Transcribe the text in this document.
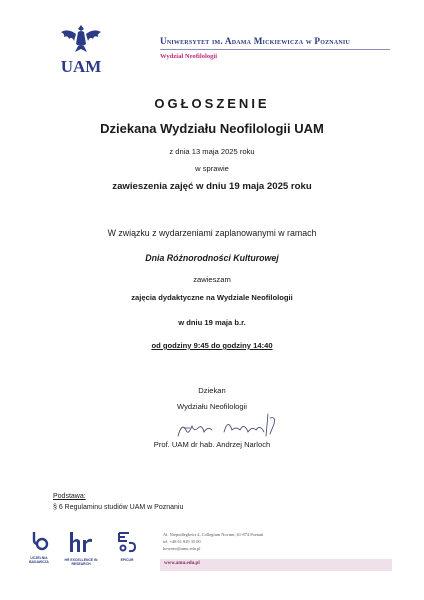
UAM
Uniwersytet im. Adama Mickiewicza w Poznaniu
Wydział Neofilologii
OGŁOSZENIE
Dziekana Wydziału Neofilologii UAM
z dnia 13 maja 2025 roku
w sprawie
zawieszenia zajęć w dniu 19 maja 2025 roku
W związku z wydarzeniami zaplanowanymi w ramach
Dnia Różnorodności Kulturowej
zawieszam
zajęcia dydaktyczne na Wydziale Neofilologii
w dniu 19 maja b.r.
od godziny 9:45 do godziny 14:40
Dziekan
Wydziału Neofilologii
Prof. UAM dr hab. Andrzej Narloch
Podstawa:
§ 6 Regulaminu studiów UAM w Poznaniu
UCZELNIA
BADAWCZA	HR EXCELLENCE IN RESEARCH
EPiCUR
Al. Niepodległości 4, Collegium Novum, 61-874 Poznań
tel. +48 61 829 35 00
howneo@amu.edu.pl
www.amu.edu.pl
